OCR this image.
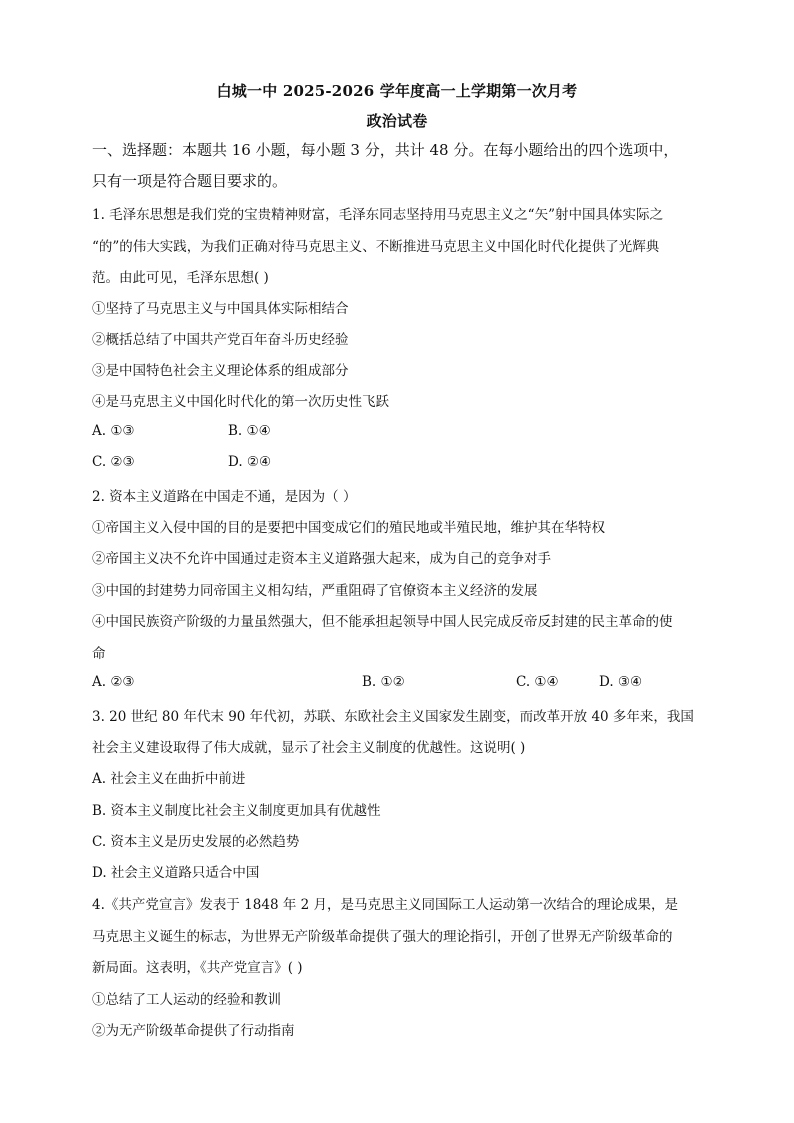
白城一中 2025-2026 学年度高一上学期第一次月考
政治试卷
一、选择题：本题共 16 小题，每小题 3 分，共计 48 分。在每小题给出的四个选项中，
只有一项是符合题目要求的。
1. 毛泽东思想是我们党的宝贵精神财富，毛泽东同志坚持用马克思主义之“矢”射中国具体实际之
“的”的伟大实践，为我们正确对待马克思主义、不断推进马克思主义中国化时代化提供了光辉典
范。由此可见，毛泽东思想( )
①坚持了马克思主义与中国具体实际相结合
②概括总结了中国共产党百年奋斗历史经验
③是中国特色社会主义理论体系的组成部分
④是马克思主义中国化时代化的第一次历史性飞跃
A. ①③	B. ①④
C. ②③	D. ②④
2. 资本主义道路在中国走不通，是因为（ ）
①帝国主义入侵中国的目的是要把中国变成它们的殖民地或半殖民地，维护其在华特权
②帝国主义决不允许中国通过走资本主义道路强大起来，成为自己的竞争对手
③中国的封建势力同帝国主义相勾结，严重阻碍了官僚资本主义经济的发展
④中国民族资产阶级的力量虽然强大，但不能承担起领导中国人民完成反帝反封建的民主革命的使
命
A. ②③	B. ①②	C. ①④	D. ③④
3. 20 世纪 80 年代末 90 年代初，苏联、东欧社会主义国家发生剧变，而改革开放 40 多年来，我国
社会主义建设取得了伟大成就，显示了社会主义制度的优越性。这说明( )
A. 社会主义在曲折中前进
B. 资本主义制度比社会主义制度更加具有优越性
C. 资本主义是历史发展的必然趋势
D. 社会主义道路只适合中国
4.《共产党宣言》发表于 1848 年 2 月，是马克思主义同国际工人运动第一次结合的理论成果，是
马克思主义诞生的标志，为世界无产阶级革命提供了强大的理论指引，开创了世界无产阶级革命的
新局面。这表明，《共产党宣言》( )
①总结了工人运动的经验和教训
②为无产阶级革命提供了行动指南
